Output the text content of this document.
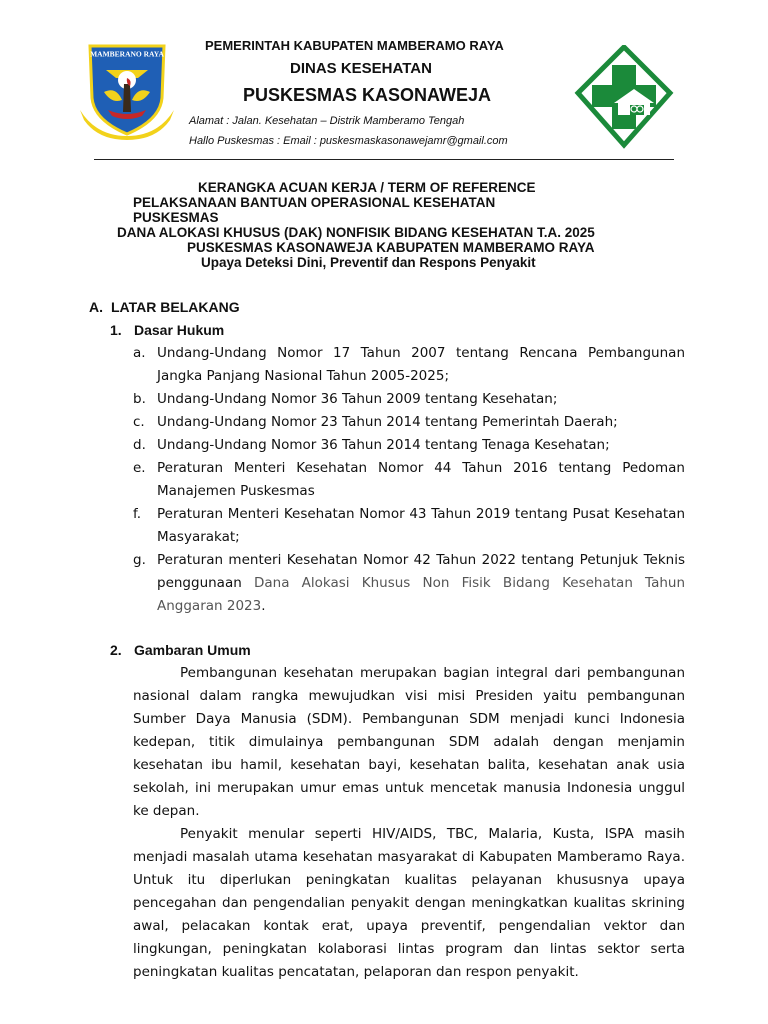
MAMBERANO RAYA
PEMERINTAH KABUPATEN MAMBERAMO RAYA
DINAS KESEHATAN
PUSKESMAS KASONAWEJA
Alamat : Jalan. Kesehatan – Distrik Mamberamo Tengah
Hallo Puskesmas : Email : puskesmaskasonawejamr@gmail.com
KERANGKA ACUAN KERJA / TERM OF REFERENCE
PELAKSANAAN BANTUAN OPERASIONAL KESEHATAN
PUSKESMAS
DANA ALOKASI KHUSUS (DAK) NONFISIK BIDANG KESEHATAN T.A. 2025
PUSKESMAS KASONAWEJA KABUPATEN MAMBERAMO RAYA
Upaya Deteksi Dini, Preventif dan Respons Penyakit
A. LATAR BELAKANG
1. Dasar Hukum
a. Undang-Undang Nomor 17 Tahun 2007 tentang Rencana Pembangunan Jangka Panjang Nasional Tahun 2005-2025;
b. Undang-Undang Nomor 36 Tahun 2009 tentang Kesehatan;
c. Undang-Undang Nomor 23 Tahun 2014 tentang Pemerintah Daerah;
d. Undang-Undang Nomor 36 Tahun 2014 tentang Tenaga Kesehatan;
e. Peraturan Menteri Kesehatan Nomor 44 Tahun 2016 tentang Pedoman Manajemen Puskesmas
f. Peraturan Menteri Kesehatan Nomor 43 Tahun 2019 tentang Pusat Kesehatan Masyarakat;
g. Peraturan menteri Kesehatan Nomor 42 Tahun 2022 tentang Petunjuk Teknis penggunaan Dana Alokasi Khusus Non Fisik Bidang Kesehatan Tahun Anggaran 2023.
2. Gambaran Umum

Pembangunan kesehatan merupakan bagian integral dari pembangunan nasional dalam rangka mewujudkan visi misi Presiden yaitu pembangunan Sumber Daya Manusia (SDM). Pembangunan SDM menjadi kunci Indonesia kedepan, titik dimulainya pembangunan SDM adalah dengan menjamin kesehatan ibu hamil, kesehatan bayi, kesehatan balita, kesehatan anak usia sekolah, ini merupakan umur emas untuk mencetak manusia Indonesia unggul ke depan.

Penyakit menular seperti HIV/AIDS, TBC, Malaria, Kusta, ISPA masih menjadi masalah utama kesehatan masyarakat di Kabupaten Mamberamo Raya. Untuk itu diperlukan peningkatan kualitas pelayanan khususnya upaya pencegahan dan pengendalian penyakit dengan meningkatkan kualitas skrining awal, pelacakan kontak erat, upaya preventif, pengendalian vektor dan lingkungan, peningkatan kolaborasi lintas program dan lintas sektor serta peningkatan kualitas pencatatan, pelaporan dan respon penyakit.
